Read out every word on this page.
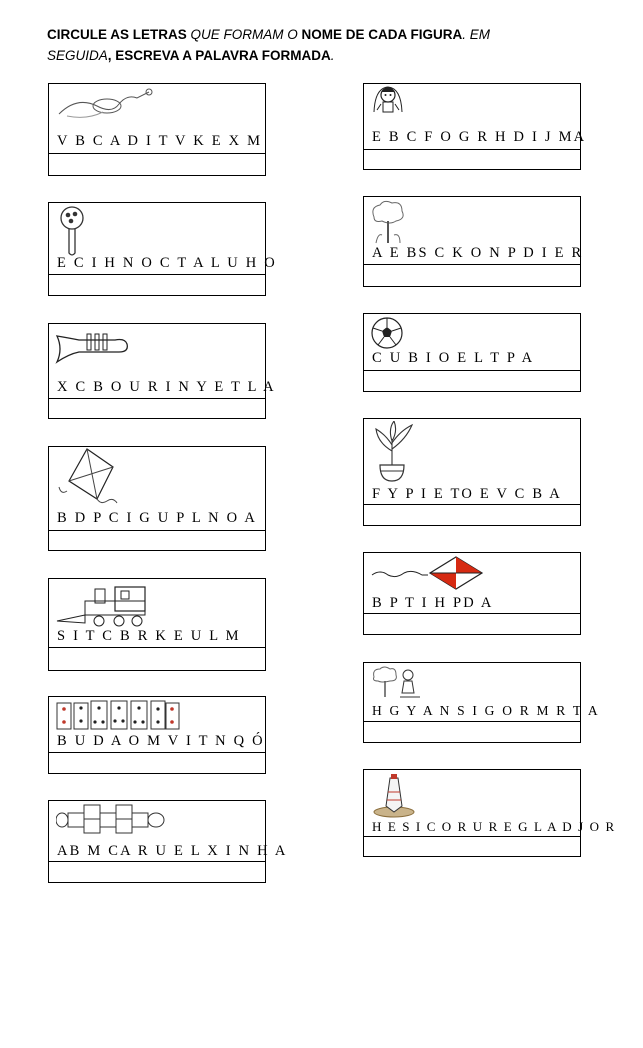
CIRCULE AS LETRAS QUE FORMAM O NOME DE CADA FIGURA. EM
SEGUIDA, ESCREVA A PALAVRA FORMADA.
V B C A D I T V K E X M
E C I H N O C T A L U H O
X C B O U R I N Y E T L A
B D P C I G U P L N O A
S I T C B R K E U L M
B U D A O M V I T N Q Ó
AB M CA R U E L X I N H A
E B C F O G R H D I J MA
A E BS C K O N P D I E R
C U B I O E L T P A
F Y P I E TO E V C B A
B P T I H PD A
H G Y A N S I G O R M R T A
H E S I C O R U R E G L A D J O R
